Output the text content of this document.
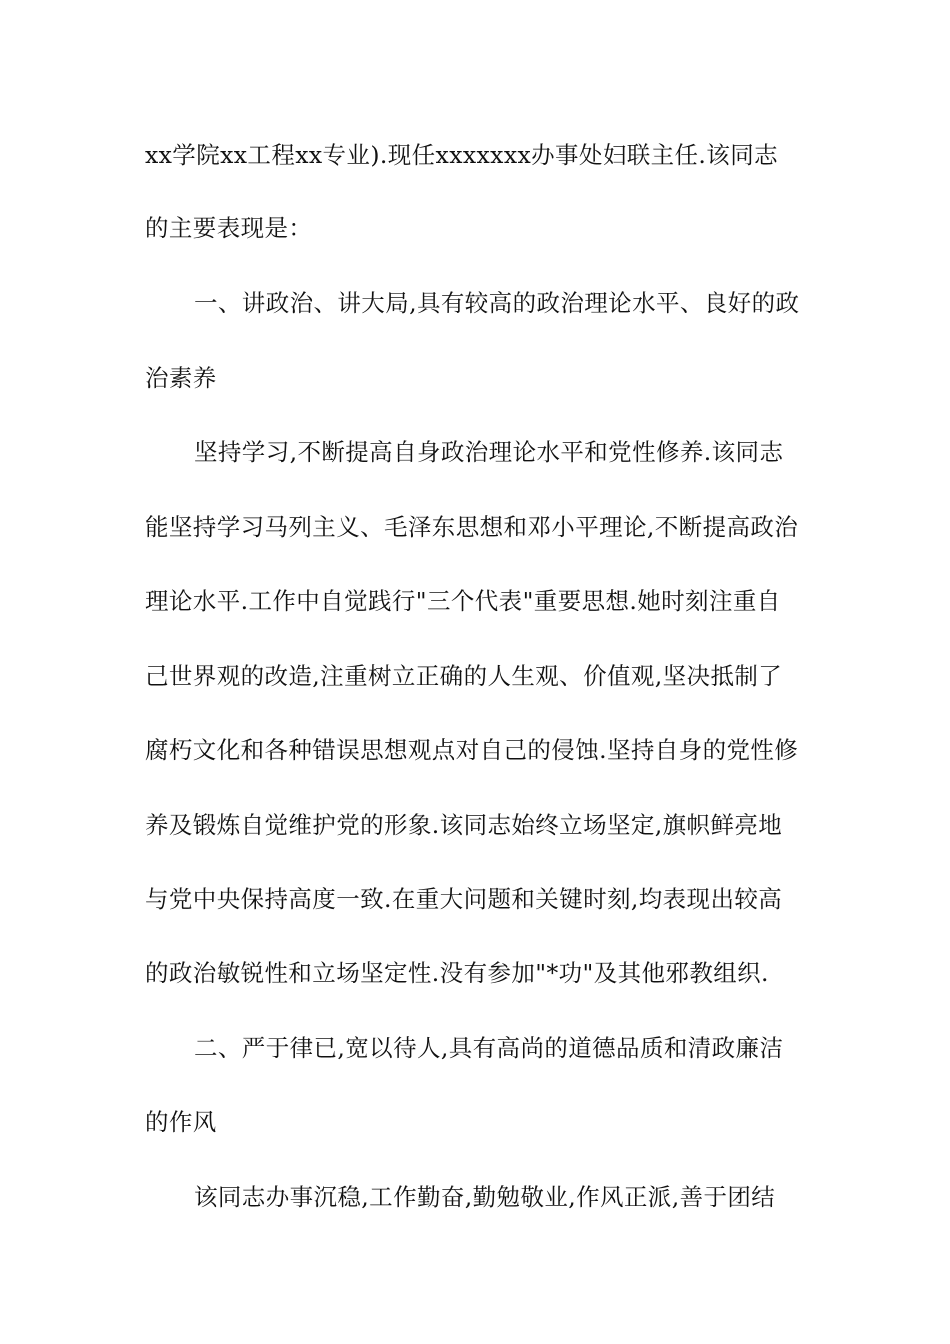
xx学院xx工程xx专业).现任xxxxxxx办事处妇联主任.该同志
的主要表现是：
一、讲政治、讲大局,具有较高的政治理论水平、良好的政
治素养
坚持学习,不断提高自身政治理论水平和党性修养.该同志
能坚持学习马列主义、毛泽东思想和邓小平理论,不断提高政治
理论水平.工作中自觉践行"三个代表"重要思想.她时刻注重自
己世界观的改造,注重树立正确的人生观、价值观,坚决抵制了
腐朽文化和各种错误思想观点对自己的侵蚀.坚持自身的党性修
养及锻炼自觉维护党的形象.该同志始终立场坚定,旗帜鲜亮地
与党中央保持高度一致.在重大问题和关键时刻,均表现出较高
的政治敏锐性和立场坚定性.没有参加"*功"及其他邪教组织.
二、严于律已,宽以待人,具有高尚的道德品质和清政廉洁
的作风
该同志办事沉稳,工作勤奋,勤勉敬业,作风正派,善于团结
